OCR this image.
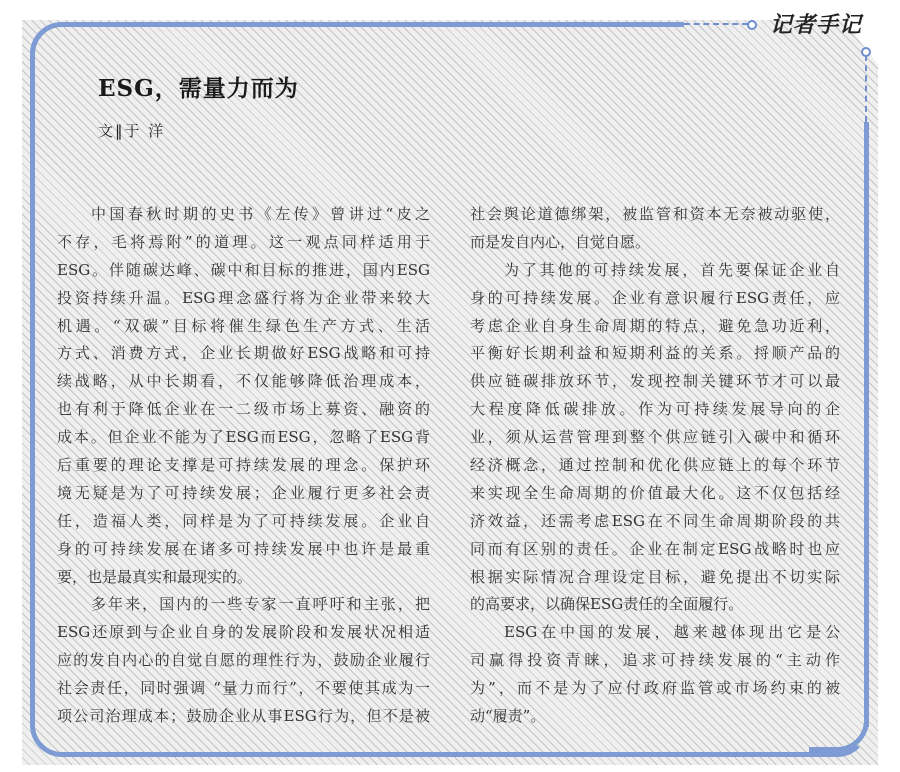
记者手记
ESG，需量力而为
文‖于 洋
中国春秋时期的史书《左传》曾讲过“皮之
不存，毛将焉附”的道理。这一观点同样适用于
ESG。伴随碳达峰、碳中和目标的推进，国内ESG
投资持续升温。ESG理念盛行将为企业带来较大
机遇。“双碳”目标将催生绿色生产方式、生活
方式、消费方式，企业长期做好ESG战略和可持
续战略，从中长期看，不仅能够降低治理成本，
也有利于降低企业在一二级市场上募资、融资的
成本。但企业不能为了ESG而ESG，忽略了ESG背
后重要的理论支撑是可持续发展的理念。保护环
境无疑是为了可持续发展；企业履行更多社会责
任，造福人类，同样是为了可持续发展。企业自
身的可持续发展在诸多可持续发展中也许是最重
要，也是最真实和最现实的。
多年来，国内的一些专家一直呼吁和主张，把
ESG还原到与企业自身的发展阶段和发展状况相适
应的发自内心的自觉自愿的理性行为，鼓励企业履行
社会责任，同时强调 “量力而行”，不要使其成为一
项公司治理成本；鼓励企业从事ESG行为，但不是被
社会舆论道德绑架，被监管和资本无奈被动驱使，
而是发自内心，自觉自愿。
为了其他的可持续发展，首先要保证企业自
身的可持续发展。企业有意识履行ESG责任，应
考虑企业自身生命周期的特点，避免急功近利，
平衡好长期利益和短期利益的关系。捋顺产品的
供应链碳排放环节，发现控制关键环节才可以最
大程度降低碳排放。作为可持续发展导向的企
业，须从运营管理到整个供应链引入碳中和循环
经济概念，通过控制和优化供应链上的每个环节
来实现全生命周期的价值最大化。这不仅包括经
济效益，还需考虑ESG在不同生命周期阶段的共
同而有区别的责任。企业在制定ESG战略时也应
根据实际情况合理设定目标，避免提出不切实际
的高要求，以确保ESG责任的全面履行。
ESG在中国的发展，越来越体现出它是公
司赢得投资青睐，追求可持续发展的“主动作
为”，而不是为了应付政府监管或市场约束的被
动“履责”。
